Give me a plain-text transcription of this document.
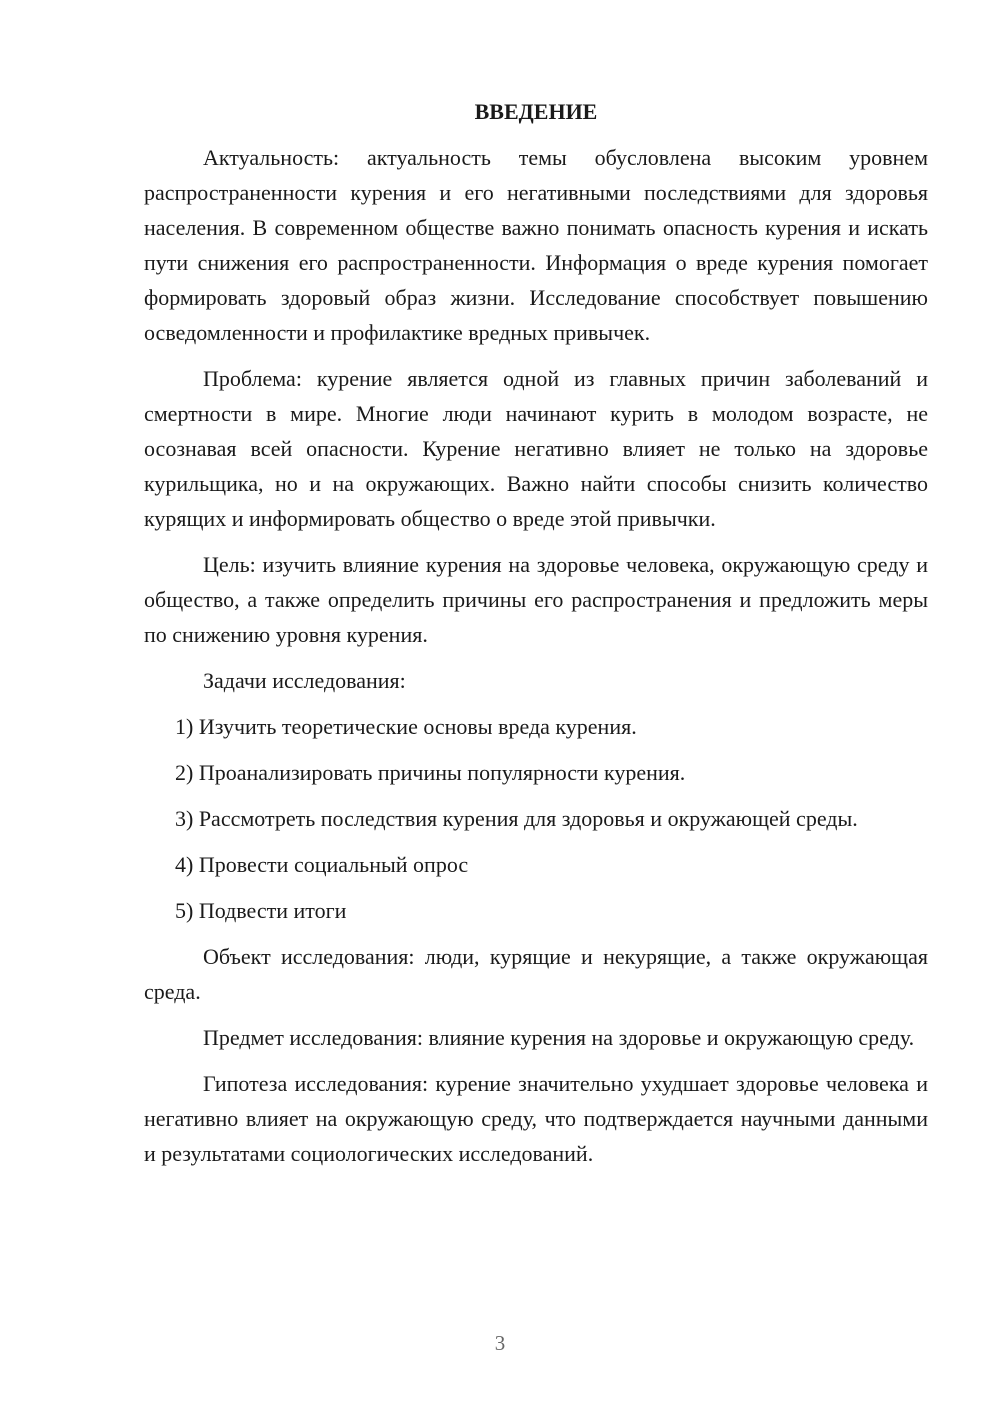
ВВЕДЕНИЕ

Актуальность: актуальность темы обусловлена высоким уровнем распространенности курения и его негативными последствиями для здоровья населения. В современном обществе важно понимать опасность курения и искать пути снижения его распространенности. Информация о вреде курения помогает формировать здоровый образ жизни. Исследование способствует повышению осведомленности и профилактике вредных привычек.

Проблема: курение является одной из главных причин заболеваний и смертности в мире. Многие люди начинают курить в молодом возрасте, не осознавая всей опасности. Курение негативно влияет не только на здоровье курильщика, но и на окружающих. Важно найти способы снизить количество курящих и информировать общество о вреде этой привычки.

Цель: изучить влияние курения на здоровье человека, окружающую среду и общество, а также определить причины его распространения и предложить меры по снижению уровня курения.

Задачи исследования:

1) Изучить теоретические основы вреда курения.

2) Проанализировать причины популярности курения.

3) Рассмотреть последствия курения для здоровья и окружающей среды.

4) Провести социальный опрос

5) Подвести итоги

Объект исследования: люди, курящие и некурящие, а также окружающая среда.

Предмет исследования: влияние курения на здоровье и окружающую среду.

Гипотеза исследования: курение значительно ухудшает здоровье человека и негативно влияет на окружающую среду, что подтверждается научными данными и результатами социологических исследований.

3
